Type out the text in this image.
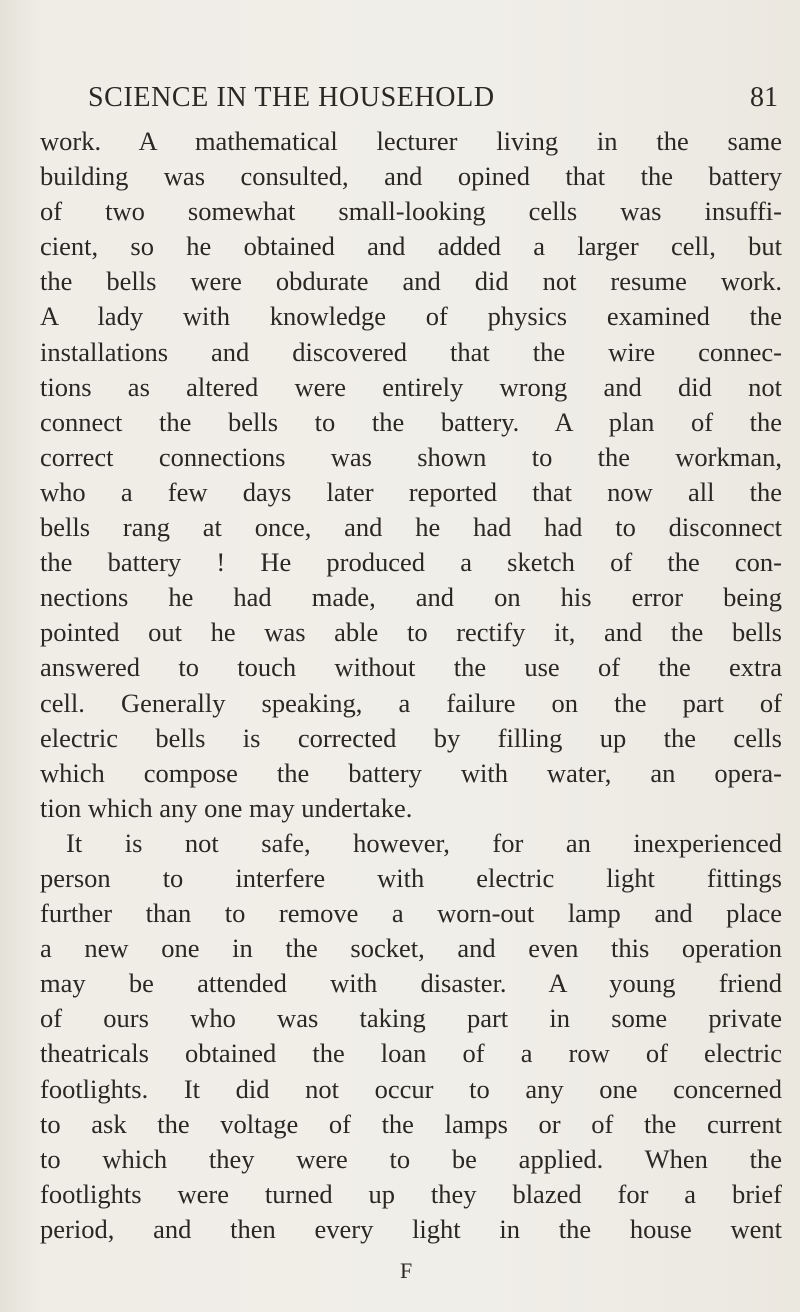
SCIENCE IN THE HOUSEHOLD	81
work. A mathematical lecturer living in the same
building was consulted, and opined that the battery
of two somewhat small-looking cells was insuffi-
cient, so he obtained and added a larger cell, but
the bells were obdurate and did not resume work.
A lady with knowledge of physics examined the
installations and discovered that the wire connec-
tions as altered were entirely wrong and did not
connect the bells to the battery. A plan of the
correct connections was shown to the workman,
who a few days later reported that now all the
bells rang at once, and he had had to disconnect
the battery ! He produced a sketch of the con-
nections he had made, and on his error being
pointed out he was able to rectify it, and the bells
answered to touch without the use of the extra
cell. Generally speaking, a failure on the part of
electric bells is corrected by filling up the cells
which compose the battery with water, an opera-
tion which any one may undertake.
It is not safe, however, for an inexperienced
person to interfere with electric light fittings
further than to remove a worn-out lamp and place
a new one in the socket, and even this operation
may be attended with disaster. A young friend
of ours who was taking part in some private
theatricals obtained the loan of a row of electric
footlights. It did not occur to any one concerned
to ask the voltage of the lamps or of the current
to which they were to be applied. When the
footlights were turned up they blazed for a brief
period, and then every light in the house went
F
